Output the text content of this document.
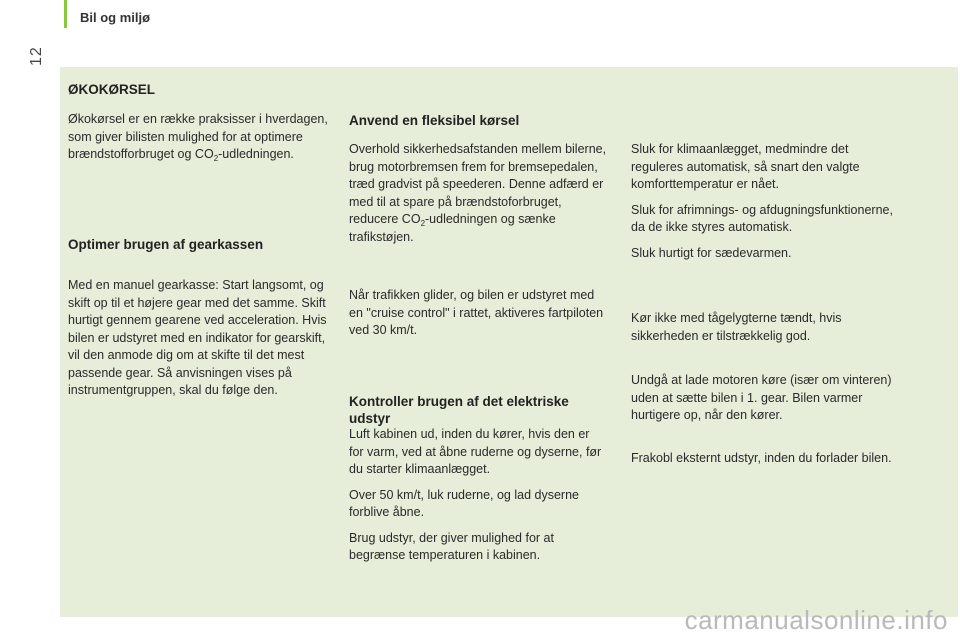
Bil og miljø
12
ØKOKØRSEL

Økokørsel er en række praksisser i hverdagen, som giver bilisten mulighed for at optimere brændstofforbruget og $CO_2$-udledningen.

Optimer brugen af gearkassen

Med en manuel gearkasse: Start langsomt, og skift op til et højere gear med det samme. Skift hurtigt gennem gearene ved acceleration. Hvis bilen er udstyret med en indikator for gearskift, vil den anmode dig om at skifte til det mest passende gear. Så anvisningen vises på instrumentgruppen, skal du følge den.

Anvend en fleksibel kørsel

Overhold sikkerhedsafstanden mellem bilerne, brug motorbremsen frem for bremsepedalen, træd gradvist på speederen. Denne adfærd er med til at spare på brændstoforbruget, reducere $CO_2$-udledningen og sænke trafikstøjen.

Når trafikken glider, og bilen er udstyret med en "cruise control" i rattet, aktiveres fartpiloten ved 30 km/t.

Kontroller brugen af det elektriske udstyr

Luft kabinen ud, inden du kører, hvis den er for varm, ved at åbne ruderne og dyserne, før du starter klimaanlægget.

Over 50 km/t, luk ruderne, og lad dyserne forblive åbne.

Brug udstyr, der giver mulighed for at begrænse temperaturen i kabinen.

Sluk for klimaanlægget, medmindre det reguleres automatisk, så snart den valgte komforttemperatur er nået.

Sluk for afrimnings- og afdugningsfunktionerne, da de ikke styres automatisk.

Sluk hurtigt for sædevarmen.

Kør ikke med tågelygterne tændt, hvis sikkerheden er tilstrækkelig god.

Undgå at lade motoren køre (især om vinteren) uden at sætte bilen i 1. gear. Bilen varmer hurtigere op, når den kører.

Frakobl eksternt udstyr, inden du forlader bilen.

carmanualsonline.info
